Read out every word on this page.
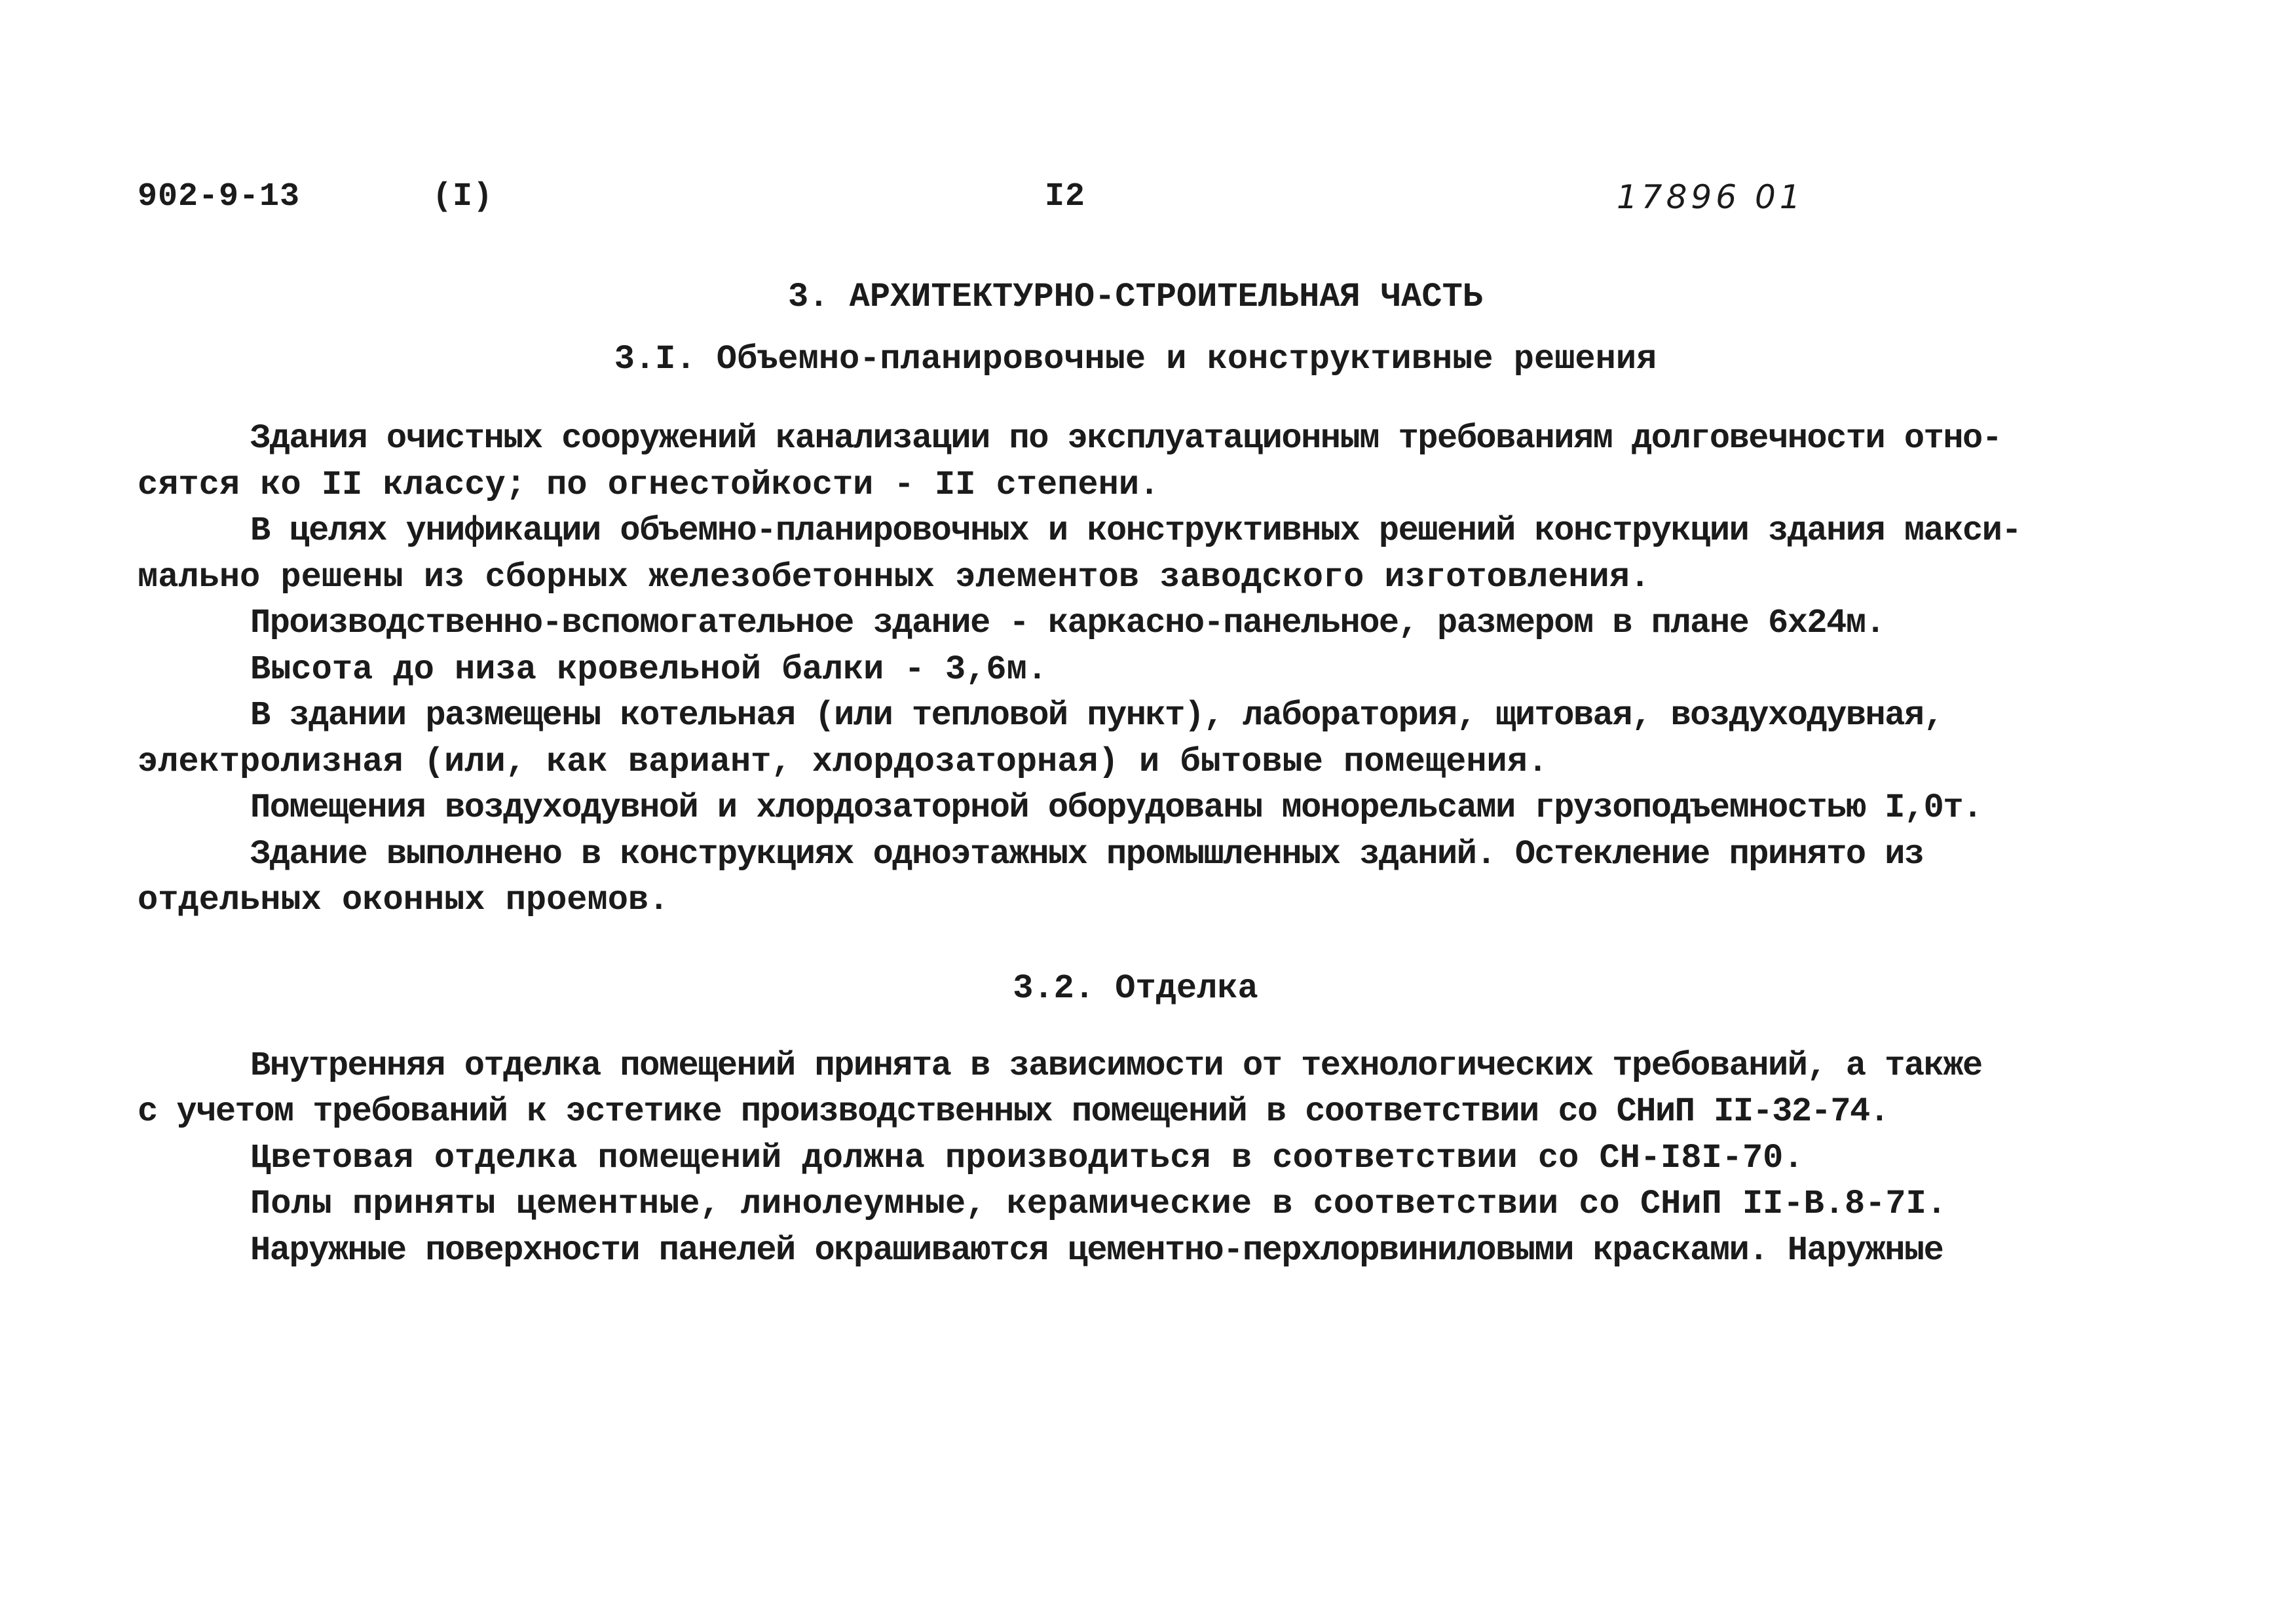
902-9-13	(I)	I2	17896 01
3. АРХИТЕКТУРНО-СТРОИТЕЛЬНАЯ ЧАСТЬ
3.I. Объемно-планировочные и конструктивные решения
Здания очистных сооружений канализации по эксплуатационным требованиям долговечности отно-
сятся ко II классу; по огнестойкости - II степени.
В целях унификации объемно-планировочных и конструктивных решений конструкции здания макси-
мально решены из сборных железобетонных элементов заводского изготовления.
Производственно-вспомогательное здание - каркасно-панельное, размером в плане 6х24м.
Высота до низа кровельной балки - 3,6м.
В здании размещены котельная (или тепловой пункт), лаборатория, щитовая, воздуходувная,
электролизная (или, как вариант, хлордозаторная) и бытовые помещения.
Помещения воздуходувной и хлордозаторной оборудованы монорельсами грузоподъемностью I,0т.
Здание выполнено в конструкциях одноэтажных промышленных зданий. Остекление принято из
отдельных оконных проемов.
3.2. Отделка
Внутренняя отделка помещений принята в зависимости от технологических требований, а также
с учетом требований к эстетике производственных помещений в соответствии со СНиП II-32-74.
Цветовая отделка помещений должна производиться в соответствии со СН-I8I-70.
Полы приняты цементные, линолеумные, керамические в соответствии со СНиП II-В.8-7I.
Наружные поверхности панелей окрашиваются цементно-перхлорвиниловыми красками. Наружные
